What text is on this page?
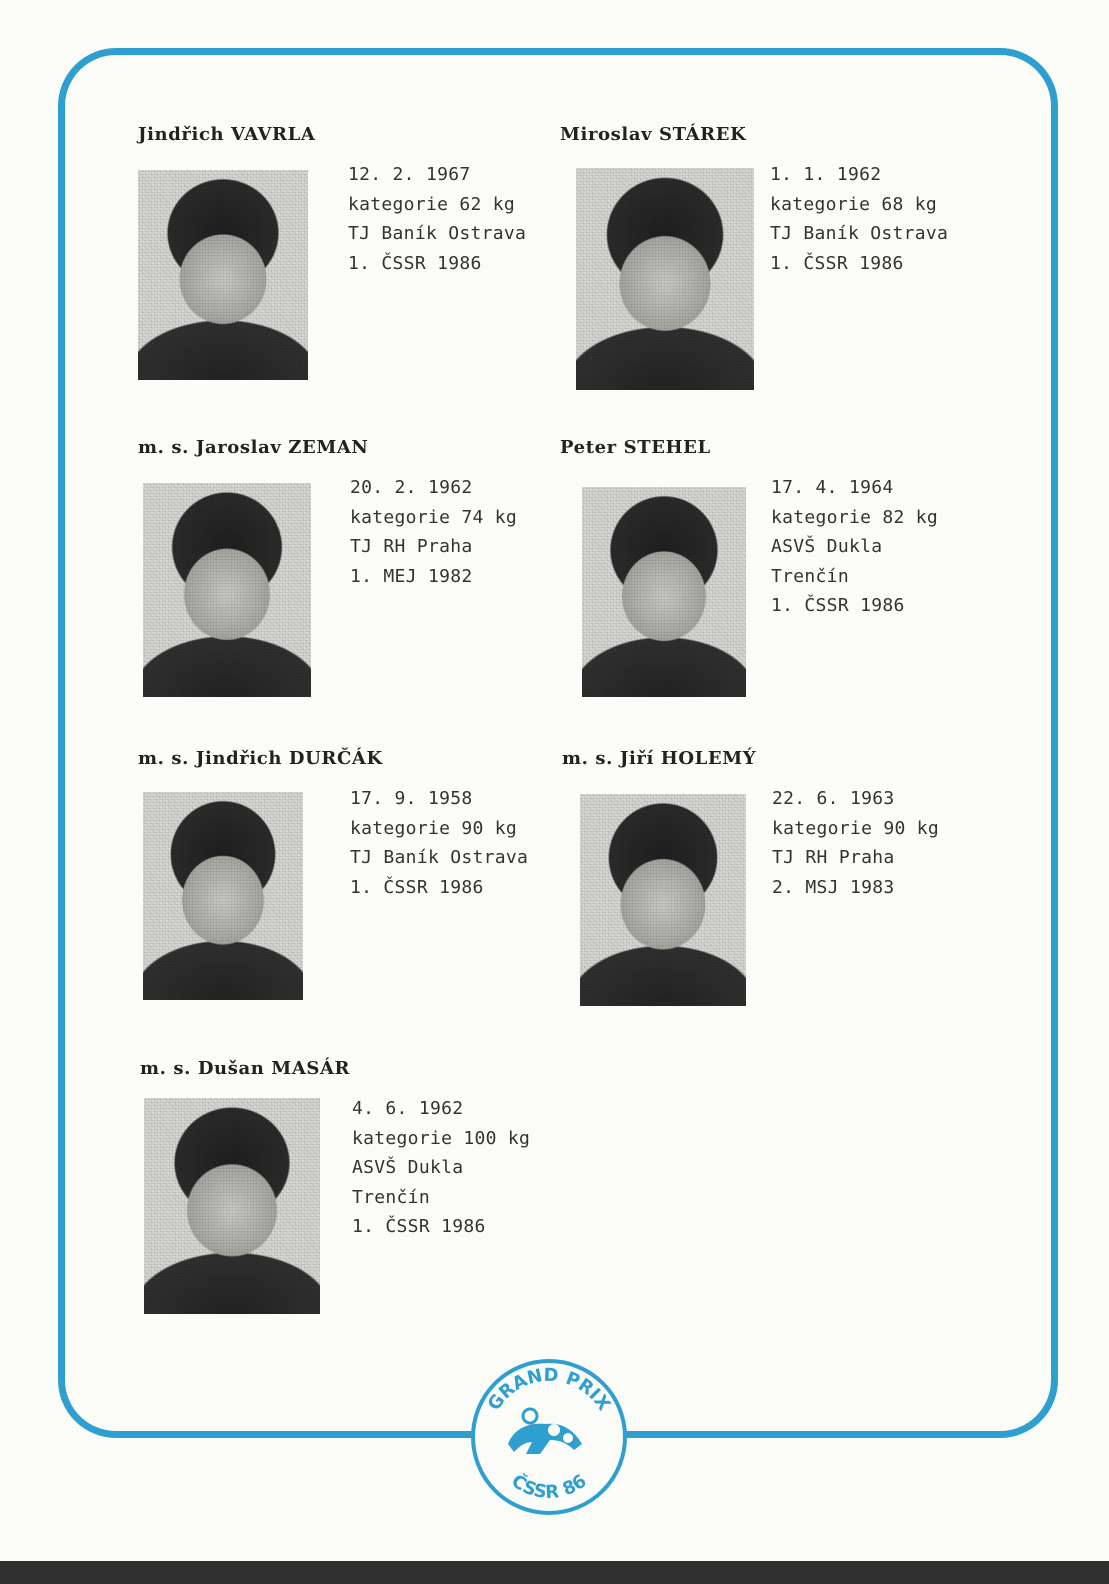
Jindřich VAVRLA
12. 2. 1967
kategorie 62 kg
TJ Baník Ostrava
1. ČSSR 1986
Miroslav STÁREK
1. 1. 1962
kategorie 68 kg
TJ Baník Ostrava
1. ČSSR 1986
m. s. Jaroslav ZEMAN
20. 2. 1962
kategorie 74 kg
TJ RH Praha
1. MEJ 1982
Peter STEHEL
17. 4. 1964
kategorie 82 kg
ASVŠ Dukla
Trenčín
1. ČSSR 1986
m. s. Jindřich DURČÁK
17. 9. 1958
kategorie 90 kg
TJ Baník Ostrava
1. ČSSR 1986
m. s. Jiří HOLEMÝ
22. 6. 1963
kategorie 90 kg
TJ RH Praha
2. MSJ 1983
m. s. Dušan MASÁR
4. 6. 1962
kategorie 100 kg
ASVŠ Dukla
Trenčín
1. ČSSR 1986
GRAND PRIX
ČSSR 86
